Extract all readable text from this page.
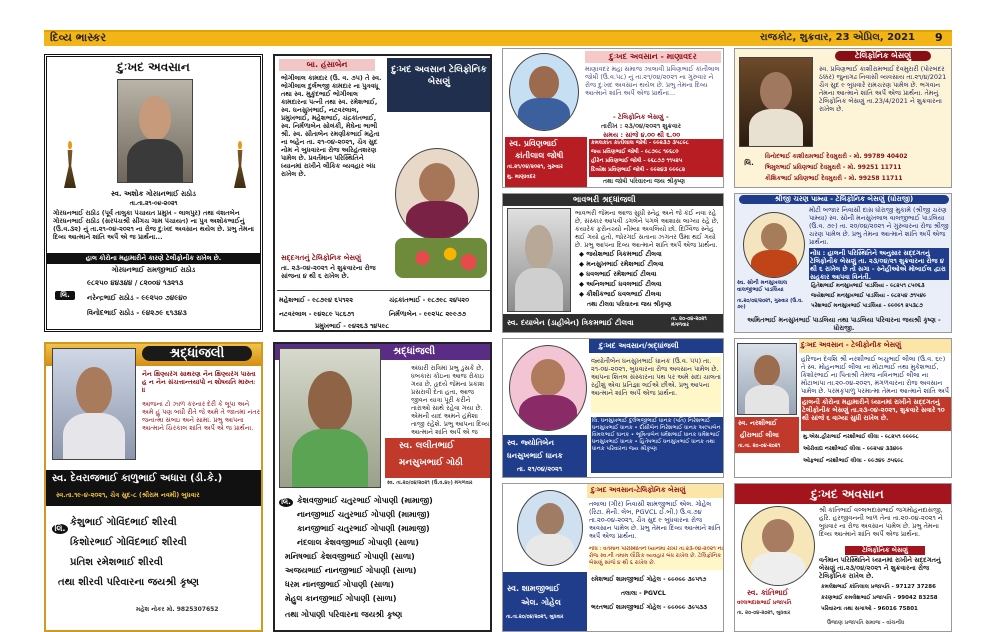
દિવ્ય ભાસ્કર	રાજકોટ, શુક્રવાર, 23 એપ્રિલ, 2021 9
દુઃખદ અવસાન
સ્વ. અશોક ગોરધનભાઈ રાઠોડ
તા.તા.૨૧-૦૪-૨૦૨૧
ગોરધનભાઈ રાઠોડ (પૂર્વ તાલુકા પંચાયત પ્રમુખ - લાલપુર) તથા વંશતબેન ગોરધનભાઈ રાઠોડ (સરપંચશ્રી સીંગચ ગામ પંચાયત) ના પુત્ર અશોકભાઈનું (ઉ.વ.૩૨) નું તા.૨૧-૦૪-૨૦૨૧ ના રોજ દુઃખદ અવસાન થયેલ છે. પ્રભુ તેમના દિવ્ય આત્માને શાંતિ અર્પે એ જ પ્રાર્થના...
હાલ કોરોના મહામારીને કારણે ટેલીફોનીક રાખેલ છે.
ગોરધનભાઈ રામજીભાઈ રાઠોડ
લિ.
૯૮૨૫૦ ૪૪૩૪૪ / ૮૨૦૦૪ ૧૩૨૧૩
નરેન્દ્રભાઈ રાઠોડ - ૯૯૨૫૦ ૭૪૯૪૦
વિનોદભાઈ રાઠોડ - ૯૪૨૭૯ ૬૧૩૪૩
બા. હંસાબેન
દુઃખદ અવસાન ટેલિફોનિક બેસણું
ભોગીલાલ કામદાર (ઉ. વ. ૭૫) તે સ્વ. ભોગીલાલ દુર્લભજી કામદાર ના પુત્રવધૂ તથા સ્વ. મુકુંદભાઈ ભોગીલાલ કામદારના પત્ની તથા સ્વ. રમેશભાઈ, સ્વ. ધનસુખભાઈ, નટવરલાલ, પ્રમુખભાઈ, મહેશભાઈ, ચંદ્રકાંતભાઈ, સ્વ. નિર્મળાબેન સોલંકી, મેઘેના ભાભી શ્રી. સ્વ. સીતાબેન રમણીકભાઈ મહેતા ના બહેન તા. ૨૧-૦૪-૨૦૨૧, ચૈત્ર સુદ નોમ ને બુધવારના રોજ અરિહંતશરણ પામેલ છે. પ્રવર્તમાન પરિસ્થિતિને ધ્યાનમાં રાખીને લૌકિક વ્યવહાર બંધ રાખેલ છે.
સદ્દગતનું ટેલિફોનિક બેસણું
તા. ૨૩-૦૪-૨૦૨૧ ને શુક્રવારના રોજ સાંજના ૪ થી ૬ રાખેલ છે.
મહેશભાઈ - ૯૮૭૯૪ ૬૫૧૨૨	ચંદ્રકાંતભાઈ - ૯૮૭૯૮ ૨૪૫૨૦
નટવરલાલ - ૯૪૨૮૯ ૫૮૬૭૧	નિર્મળાબેન - ૯૯૨૫૮ ૨૯૯૭૭
પ્રમુખભાઈ - ૯૪૨૬૩ ૧૪૫૯૮
દુઃખદ અવસાન - માણાવદર
માણાવદર મહા સમાજ ઝાલાવી પ્રવિણભાઈ કાંતીલાલ જોષી (ઉ.વ.૫૮) નું તા.૨૧/૦૪/૨૦૨૧ ના ગુરુવાર ને રોજ દુઃખદ અવસાન થયેલ છે. પ્રભુ તેમના દિવ્ય આત્માને શાંતિ અર્પે એજ પ્રાર્થના...
- ટેલિફોનિક બેસણું -
તારીખ : ૨૩/૦૪/૨૦૨૧ શુક્રવાર
સમય : સાંજે ૪.૦૦ થી ૬.૦૦
સ્વ. પ્રવિણભાઈ
કાંતીલાલ જોષી
તા.૨૧/૦૪/૨૦૨૧, ગુરુવાર
મુ. માણાવદર
કમલકાંત કાંતીલાલ જોષી - ૯૯૨૩૭ ૩૫૮૯૮
જય પ્રવિણભાઈ જોષી - ૯૮૭૯૮ ૧૯૬૮૦
હીરેન પ્રવિણભાઈ જોષી - ૯૬૮૭૭ ૧૧૫૨૫
દિવ્યેશ પ્રવિણભાઈ જોષી - ૯૯૨૪૩ ૯૯૯૮૨
તથા જોષી પરિવારના જય શ્રીકૃષ્ણ
ટેલિફોનિક બેસણું
સ્વ. પ્રવિણભાઈ કાશીરામભાઈ દેવમુરારી (પોરબંદર ઠક્કર) જુનાગઢ નિવાસી વ્યવસાય તા.૨૧/૪/2021 ચૈત્ર સુદ ૯ બુધવારે રામચરણ પામેલ છે. ભગવાન તેમના આત્માને શાંતિ અર્પે એજ પ્રાર્થના. તેમનું ટેલિફોનિક બેસણું તા.23/4/2021 ને શુક્રવારના રાખેલ છે.
લિ.
વિનોદભાઈ કાશીરામભાઈ દેવમુરારી - મો. 99789 40402
ભિમુલભાઈ પ્રવિણભાઈ દેવમુરારી - મો. 99251 11711
કૌશિકભાઈ પ્રવિણભાઈ દેવમુરારી - મો. 99258 11711
ભાવભરી શ્રદ્ધાંજલી
ભાવભરી જેમના આજ સુધી સ્નેહ અને જે કંઈ નવા રહે છે, સંસ્કાર આપવી ડગલેને પગલે આશાસ લાગ્યા રહે છે, કયારેક ફરોનચ્યો નીમ્યા અવલિયો છો. દિગ્વિજ સ્નેહ થઈ ગયો હતો, જોરગઈ સતાના ઝગતર ઉમા થઈ ગયો છે. પ્રભુ આપના દિવ્ય આત્માને શાંતિ અર્પે એજ પ્રાર્થના.
◆ જયેશભાઈ ત્રિકમભાઈ ટીલવા
◆ મનસુખભાઈ રમેશભાઈ ટીલવા
◆ ધવલભાઈ રમેશભાઈ ટીલવા
◆ અનિલભાઈ ધવલભાઈ ટીલવા
◆ કૌશીકભાઈ ધવલભાઈ ટીલવા
તથા ટીલવા પરિવારના જય શ્રીકૃષ્ણ
સ્વ. દયાબેન (ડાહીબેન) ત્રિકમભાઈ ટીલવા	તા. ૨૦-૦૪-૨૦૨૧ મંગળવાર
શ્રીજી ચરણ પામ્યા - ટેલિફોનિક બેસણું (ધોરાજી)
મોટી બજાર નિવાસી દાસ ધોરાજી મુકામે (શ્રીજી ચરણ પામ્યા) સ્વ. સોની મનસુખલાલ વાલજીભાઈ પાડલિયા (ઉ.વ. ૭૯) તા. ૨૦/૦૪/૨૦૨૧ ને ગુરુવારના રોજ શ્રીજી ચરણ પામેલ છે. પ્રભુ તેમના આત્માને શાંતિ અર્પે એજ પ્રાર્થના.
નોંધ : હાલની પરિસ્થિતિને અનુસાર સદ્દગતનું ટેલિફોનીક બેસણું તા. ૨૩/૦૪/૨૧ શુક્રવારના રોજ ૪ થી ૬ રાખેલ છે તો સગા - સ્નેહીઓએ મોબાઈલ દ્વારા સહકાર આપવા વિનંતી.
સ્વ. સોની મનસુખલાલ વાલજીભાઈ પાડલિયા
તા.૨૦/૦૪/૨૦૨૧, ગુરુવાર (ઉ.વ. ૭૯)
હિતેશભાઈ મનસુખભાઈ પાડલિયા - ૯૮૨૫૧ ૮૫૦૬૩
જયેશભાઈ મનસુખભાઈ પાડલિયા - ૯૮૨૫૪ ૭૧૫૪૯
પરેશભાઈ મનસુખભાઈ પાડલિયા - ૯૯૦૯૧ ૨૫૩૮૭
અમિતભાઈ મનસુખભાઈ પાડલિયા તથા પાડલિયા પરિવારના જયશ્રી કૃષ્ણ - ધોરાજી.
શ્રદ્ધાંજલી
નૈન ક્ષિણ્યરંગ સાથરણ નૈન ક્ષિણ્યરંગ પાસ્તા હ ન નૈન સંચત્તાન્તયાપો ન શોષયતિ મારુતઃ ॥
આજના ટો ઝાળ કરનાર દેરી કે લૂપા અને અમે હું પણ બધી રીતે જે અમે તે જાતમાં નંતર જનાત્મા સંબઇ અને સામાં. પ્રભુ આપના આત્માને ચિરકાલ શાંતિ અર્પે એ જ પ્રાર્થના.
સ્વ. દેવરાજભાઈ કાળુભાઈ અધારા (ડી.કે.)
સ્વ.તા.૧૯-૪-૨૦૨૧, ચૈત્ર સુદ-૮ (શ્રીરામ નવમી) બુધવાર
લિ.
કેશુભાઈ ગોવિંદભાઈ શીરવી
કિશોરભાઈ ગોવિંદભાઈ શીરવી
પ્રતિશ રમેશભાઈ શીરવી
તથા શીરવી પરિવારના જયશ્રી કૃષ્ણ
મહેશ નોકર મો. 9825307652
શ્રદ્ધાંજલી
અંધારી રાત્રિમાં પ્રભુ ડુસકે છે, ધબકારા કોઇના આજ રોકાઇ ગયા છે, હૃદયે જેમના પ્રકાશ પ્રસરાવી દેતા હતા, આજ જીવન યાત્રા પૂરી કરીને તારાઓ સાથે રહેવા ગયા છે. એમની યાદ અમને હંમેશા તાજી રહેશે. પ્રભુ આપના દિવ્ય આત્માને શાંતિ અર્પે એ જ
સ્વ. લલીતભાઈ
મનસુખભાઈ ગોઠી
સ્વ. તા.૨૦/૦૪/૨૦૨૧ (ઉ.વ.૪૯) મંગળવાર
લિ. કેશવજીભાઈ ચતુરભાઈ ગોપાણી (મામાજી)
નાનજીભાઈ ચતુરભાઈ ગોપાણી (મામાજી)
કાનજીભાઈ ચતુરભાઈ ગોપાણી (મામાજી)
નંદલાલ કેશવજીભાઈ ગોપાણી (સાળા)
મનિષભાઈ કેશવજીભાઈ ગોપાણી (સાળા)
અજયભાઈ નાનજીભાઈ ગોપાણી (સાળા)
ધરમ નાનજીભાઈ ગોપાણી (સાળા)
મેહુલ કાનજીભાઈ ગોપાણી (સાળા)
તથા ગોપાણી પરિવારના જયશ્રી કૃષ્ણ
દુઃખદ અવસાન/શ્રદ્ધાંજલી
જ્યોતીબેન ધનસુખભાઈ ધાનક (ઉ.વ. ૫૫) તા. ૨૧-૦૪-૨૦૨૧, બુધવારના રોજ અવસાન પામેલ છે. આપના શિતલ સંસ્કારના પથ પર અમે સદા ચાલતા રહીશું એવા પ્રતિજ્ઞા લઈએ છીએ. પ્રભુ આપના આત્માને શાંતિ અર્પે એજ પ્રાર્થના.
લિ. ધનસુખભાઈ દુર્લભજીભાઈ ધાનક (પતિ) નિરેશભાઈ ધનસુખભાઈ ધાનક • દીક્ષીબેન નિરેશભાઈ ધાનક અલ્પાબેન વિમલભાઈ ધાનક • ભૂમિતાબેન ધર્મેશભાઈ ધાનક ધર્મેશભાઈ ધનસુખભાઈ ધાનક • હિતેષભાઈ ધનસુખભાઈ ધાનક તથા ધાનક પરિવારના જય શ્રીકૃષ્ણ
સ્વ. જ્યોતિબેન
ધનસુખભાઈ ધાનક
તા. ૨૧/૦૪/૨૦૨૧
દુઃખદ અવસાન - ટેલીફોનીક બેસણું
હરિજન દેવશિ શ્રી નરશીભાઈ બચુભાઈ લીલા (ઉ.વ. ૬૯) તે સ્વ. મોહનભાઈ લીલા ના મોટાભાઈ તથા મુકેશભાઈ, કિશોરભાઈ ના પિતાશ્રી તેમજ નવિનભાઈ લીલા ના મોટાબાપા તા.૨૦-૦૪-૨૦૨૧, મંગળવારના રોજ અવસાન પામેલ છે. પરમકૃપાળુ પરમાત્મા તેમના આત્માને શાંતિ અર્પે
હાલની કોરોના મહામારીને ધ્યાનમાં રાખીને સદ્દગતનું ટેલીફોનીક બેસણું તા.૨૩-૦૪-૨૦૨૧, શુક્રવારે સવારે ૧૦ થી સાંજે ૬ વાગ્યા સુધી રાખેલ છે.
સ્વ. નરશીભાઈ
હીરાભાઈ લીલા
તા.તા. ૨૦-૦૪-૨૦૨૧
મુ.એસ.હીરાભાઈ નરશીભાઈ લીલા - ૯૮૨૫૧ ૯૯૯૯૮
ઓરોવાદ્ય નરશીભાઈ લીલા - ૯૯૨૫૪ ૩૩૪૯૯
ઓફભાઈ નરશીભાઈ લીલા - ૯૯૭૪૯ ૭૫૬૯૮
દુઃખદ અવસાન-ટેલિફોનિક બેસણું
તલાલા (ગીર) નિવાસી શામજીભાઈ એલ. ગોહેલ (રિટા. મેની. લેબ, PGVCL ઈ.બી.) ઉ.વ.૭૪ તા.૨૦-૦૪-૨૦૨૧, ચૈત્ર સુદ ૯ બુધવારના રોજ અવસાન પામેલ છે. પ્રભુ તેમના દિવ્ય આત્માને શાંતિ અર્પે એજ પ્રાર્થના.
નોંધ : વર્તમાન પરિસ્થિતિને ધ્યાનમાં રાખી તા.૨૩-૦૪-૨૦૨૧ ના રોજ સ્વ.ની તમામ લૌકિક વ્યવહાર બંધ રાખેલ છે. ટેલિફોનિક બેસણું સાંજે ૪ થી ૬ રાખેલ છે.
સ્વ. શામજીભાઈ
એલ. ગોહેલ
તા.તા.૨૦/૦૪/૨૦૨૧, બુધવાર
રમેશભાઈ શામજીભાઈ ગોહેલ - ૯૯૦૯૯ ૩૯૫૧૭
તલાલા - PGVCL
ભરતભાઈ શામજીભાઈ ગોહેલ - ૯૯૦૯૯ ૩૯૫૩૩
દુઃખદ અવસાન
શ્રી કાંતિભાઈ વલ્લભદાસભાઈ જગમોહનદાસજી, હરિ. હરજીવનની બાળ તેના તા.૨૦-૦૪-૨૦૨૧ ને બુધવાર ના રોજ અવસાન પામેલ છે. પ્રભુ તેમના દિવ્ય આત્માને શાંતિ અર્પે એજ પ્રાર્થના.
ટેલિફોનિક બેસણું
વર્તમાન પરિસ્થિતિને ધ્યાનમાં રાખીને સદ્દગતનું બેસણું તા.૨૩/૦૪/૨૦૨૧ ને શુક્રવારના રોજ ટેલિફોનિક રાખેલ છે.
સ્વ. કાંતિભાઈ
વલ્લભદાસભાઈ પ્રજાપતિ
તા. ૨૦-૦૪-૨૦૨૧, બુધવાર
કમલેશભાઈ કાંતિલાલ પ્રજાપતિ - 97127 37286
કરણભાઈ કમલેશભાઈ પ્રજાપતિ - 99042 83258
પરિવારના તથા સગાઓ - 96016 75801
ઉજાણ પ્રજાપતિ સમાજ - વાંચનોંધ
